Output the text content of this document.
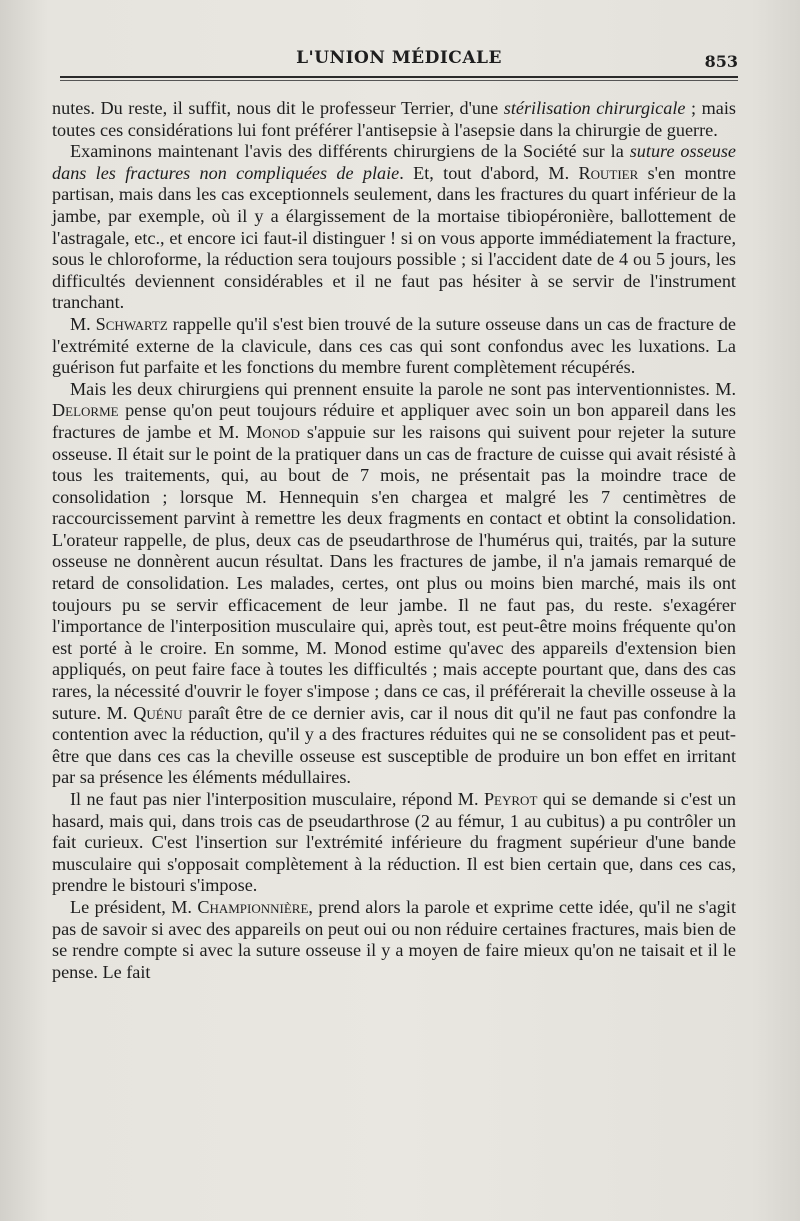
L'UNION MÉDICALE	853

nutes. Du reste, il suffit, nous dit le professeur Terrier, d'une stérilisation chirurgicale ; mais toutes ces considérations lui font préférer l'antisepsie à l'asepsie dans la chirurgie de guerre.

Examinons maintenant l'avis des différents chirurgiens de la Société sur la suture osseuse dans les fractures non compliquées de plaie. Et, tout d'abord, M. Routier s'en montre partisan, mais dans les cas exceptionnels seulement, dans les fractures du quart inférieur de la jambe, par exemple, où il y a élargissement de la mortaise tibiopéronière, ballottement de l'astragale, etc., et encore ici faut-il distinguer ! si on vous apporte immédiatement la fracture, sous le chloroforme, la réduction sera toujours possible ; si l'accident date de 4 ou 5 jours, les difficultés deviennent considérables et il ne faut pas hésiter à se servir de l'instrument tranchant.

M. Schwartz rappelle qu'il s'est bien trouvé de la suture osseuse dans un cas de fracture de l'extrémité externe de la clavicule, dans ces cas qui sont confondus avec les luxations. La guérison fut parfaite et les fonctions du membre furent complètement récupérés.

Mais les deux chirurgiens qui prennent ensuite la parole ne sont pas interventionnistes. M. Delorme pense qu'on peut toujours réduire et appliquer avec soin un bon appareil dans les fractures de jambe et M. Monod s'appuie sur les raisons qui suivent pour rejeter la suture osseuse. Il était sur le point de la pratiquer dans un cas de fracture de cuisse qui avait résisté à tous les traitements, qui, au bout de 7 mois, ne présentait pas la moindre trace de consolidation ; lorsque M. Hennequin s'en chargea et malgré les 7 centimètres de raccourcissement parvint à remettre les deux fragments en contact et obtint la consolidation. L'orateur rappelle, de plus, deux cas de pseudarthrose de l'humérus qui, traités, par la suture osseuse ne donnèrent aucun résultat. Dans les fractures de jambe, il n'a jamais remarqué de retard de consolidation. Les malades, certes, ont plus ou moins bien marché, mais ils ont toujours pu se servir efficacement de leur jambe. Il ne faut pas, du reste. s'exagérer l'importance de l'interposition musculaire qui, après tout, est peut-être moins fréquente qu'on est porté à le croire. En somme, M. Monod estime qu'avec des appareils d'extension bien appliqués, on peut faire face à toutes les difficultés ; mais accepte pourtant que, dans des cas rares, la nécessité d'ouvrir le foyer s'impose ; dans ce cas, il préférerait la cheville osseuse à la suture. M. Quénu paraît être de ce dernier avis, car il nous dit qu'il ne faut pas confondre la contention avec la réduction, qu'il y a des fractures réduites qui ne se consolident pas et peut-être que dans ces cas la cheville osseuse est susceptible de produire un bon effet en irritant par sa présence les éléments médullaires.

Il ne faut pas nier l'interposition musculaire, répond M. Peyrot qui se demande si c'est un hasard, mais qui, dans trois cas de pseudarthrose (2 au fémur, 1 au cubitus) a pu contrôler un fait curieux. C'est l'insertion sur l'extrémité inférieure du fragment supérieur d'une bande musculaire qui s'opposait complètement à la réduction. Il est bien certain que, dans ces cas, prendre le bistouri s'impose.

Le président, M. Championnière, prend alors la parole et exprime cette idée, qu'il ne s'agit pas de savoir si avec des appareils on peut oui ou non réduire certaines fractures, mais bien de se rendre compte si avec la suture osseuse il y a moyen de faire mieux qu'on ne taisait et il le pense. Le fait
